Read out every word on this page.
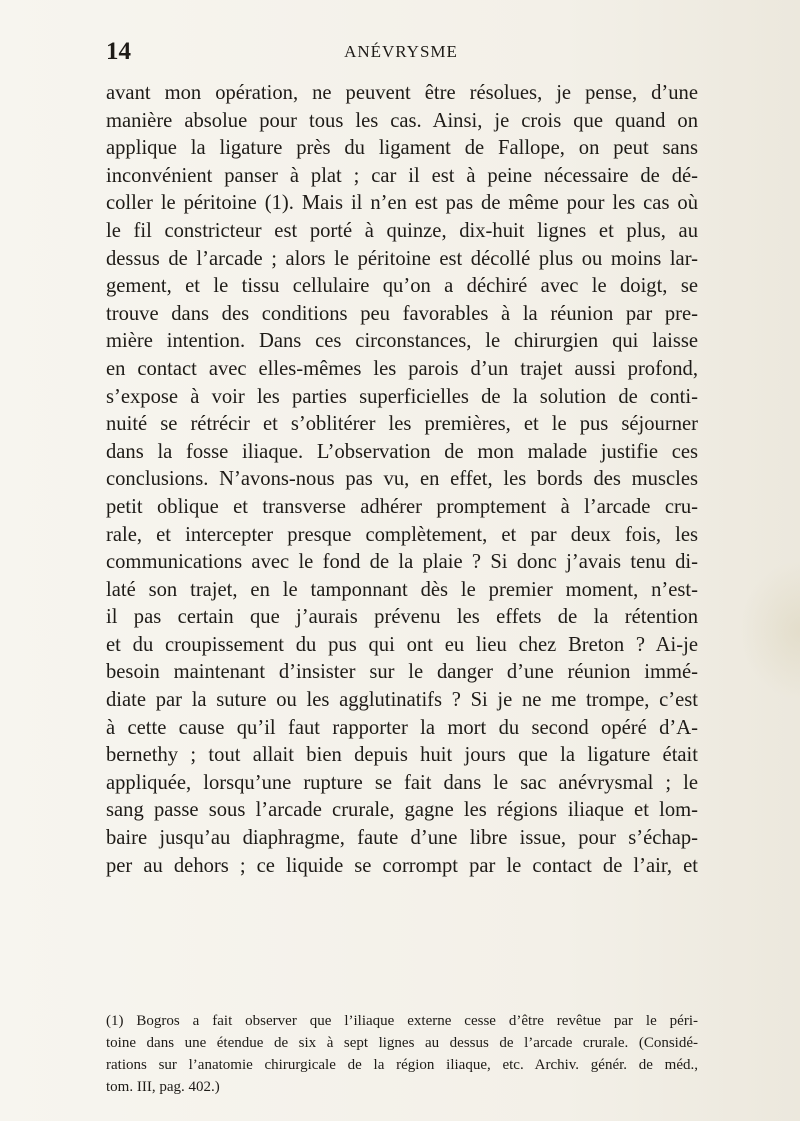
14	ANÉVRYSME
avant mon opération, ne peuvent être résolues, je pense, d’une
manière absolue pour tous les cas. Ainsi, je crois que quand on
applique la ligature près du ligament de Fallope, on peut sans
inconvénient panser à plat ; car il est à peine nécessaire de dé-
coller le péritoine (1). Mais il n’en est pas de même pour les cas où
le fil constricteur est porté à quinze, dix-huit lignes et plus, au
dessus de l’arcade ; alors le péritoine est décollé plus ou moins lar-
gement, et le tissu cellulaire qu’on a déchiré avec le doigt, se
trouve dans des conditions peu favorables à la réunion par pre-
mière intention. Dans ces circonstances, le chirurgien qui laisse
en contact avec elles-mêmes les parois d’un trajet aussi profond,
s’expose à voir les parties superficielles de la solution de conti-
nuité se rétrécir et s’oblitérer les premières, et le pus séjourner
dans la fosse iliaque. L’observation de mon malade justifie ces
conclusions. N’avons-nous pas vu, en effet, les bords des muscles
petit oblique et transverse adhérer promptement à l’arcade cru-
rale, et intercepter presque complètement, et par deux fois, les
communications avec le fond de la plaie ? Si donc j’avais tenu di-
laté son trajet, en le tamponnant dès le premier moment, n’est-
il pas certain que j’aurais prévenu les effets de la rétention
et du croupissement du pus qui ont eu lieu chez Breton ? Ai-je
besoin maintenant d’insister sur le danger d’une réunion immé-
diate par la suture ou les agglutinatifs ? Si je ne me trompe, c’est
à cette cause qu’il faut rapporter la mort du second opéré d’A-
bernethy ; tout allait bien depuis huit jours que la ligature était
appliquée, lorsqu’une rupture se fait dans le sac anévrysmal ; le
sang passe sous l’arcade crurale, gagne les régions iliaque et lom-
baire jusqu’au diaphragme, faute d’une libre issue, pour s’échap-
per au dehors ; ce liquide se corrompt par le contact de l’air, et
(1) Bogros a fait observer que l’iliaque externe cesse d’être revêtue par le péri-
toine dans une étendue de six à sept lignes au dessus de l’arcade crurale. (Considé-
rations sur l’anatomie chirurgicale de la région iliaque, etc. Archiv. génér. de méd.,
tom. III, pag. 402.)
